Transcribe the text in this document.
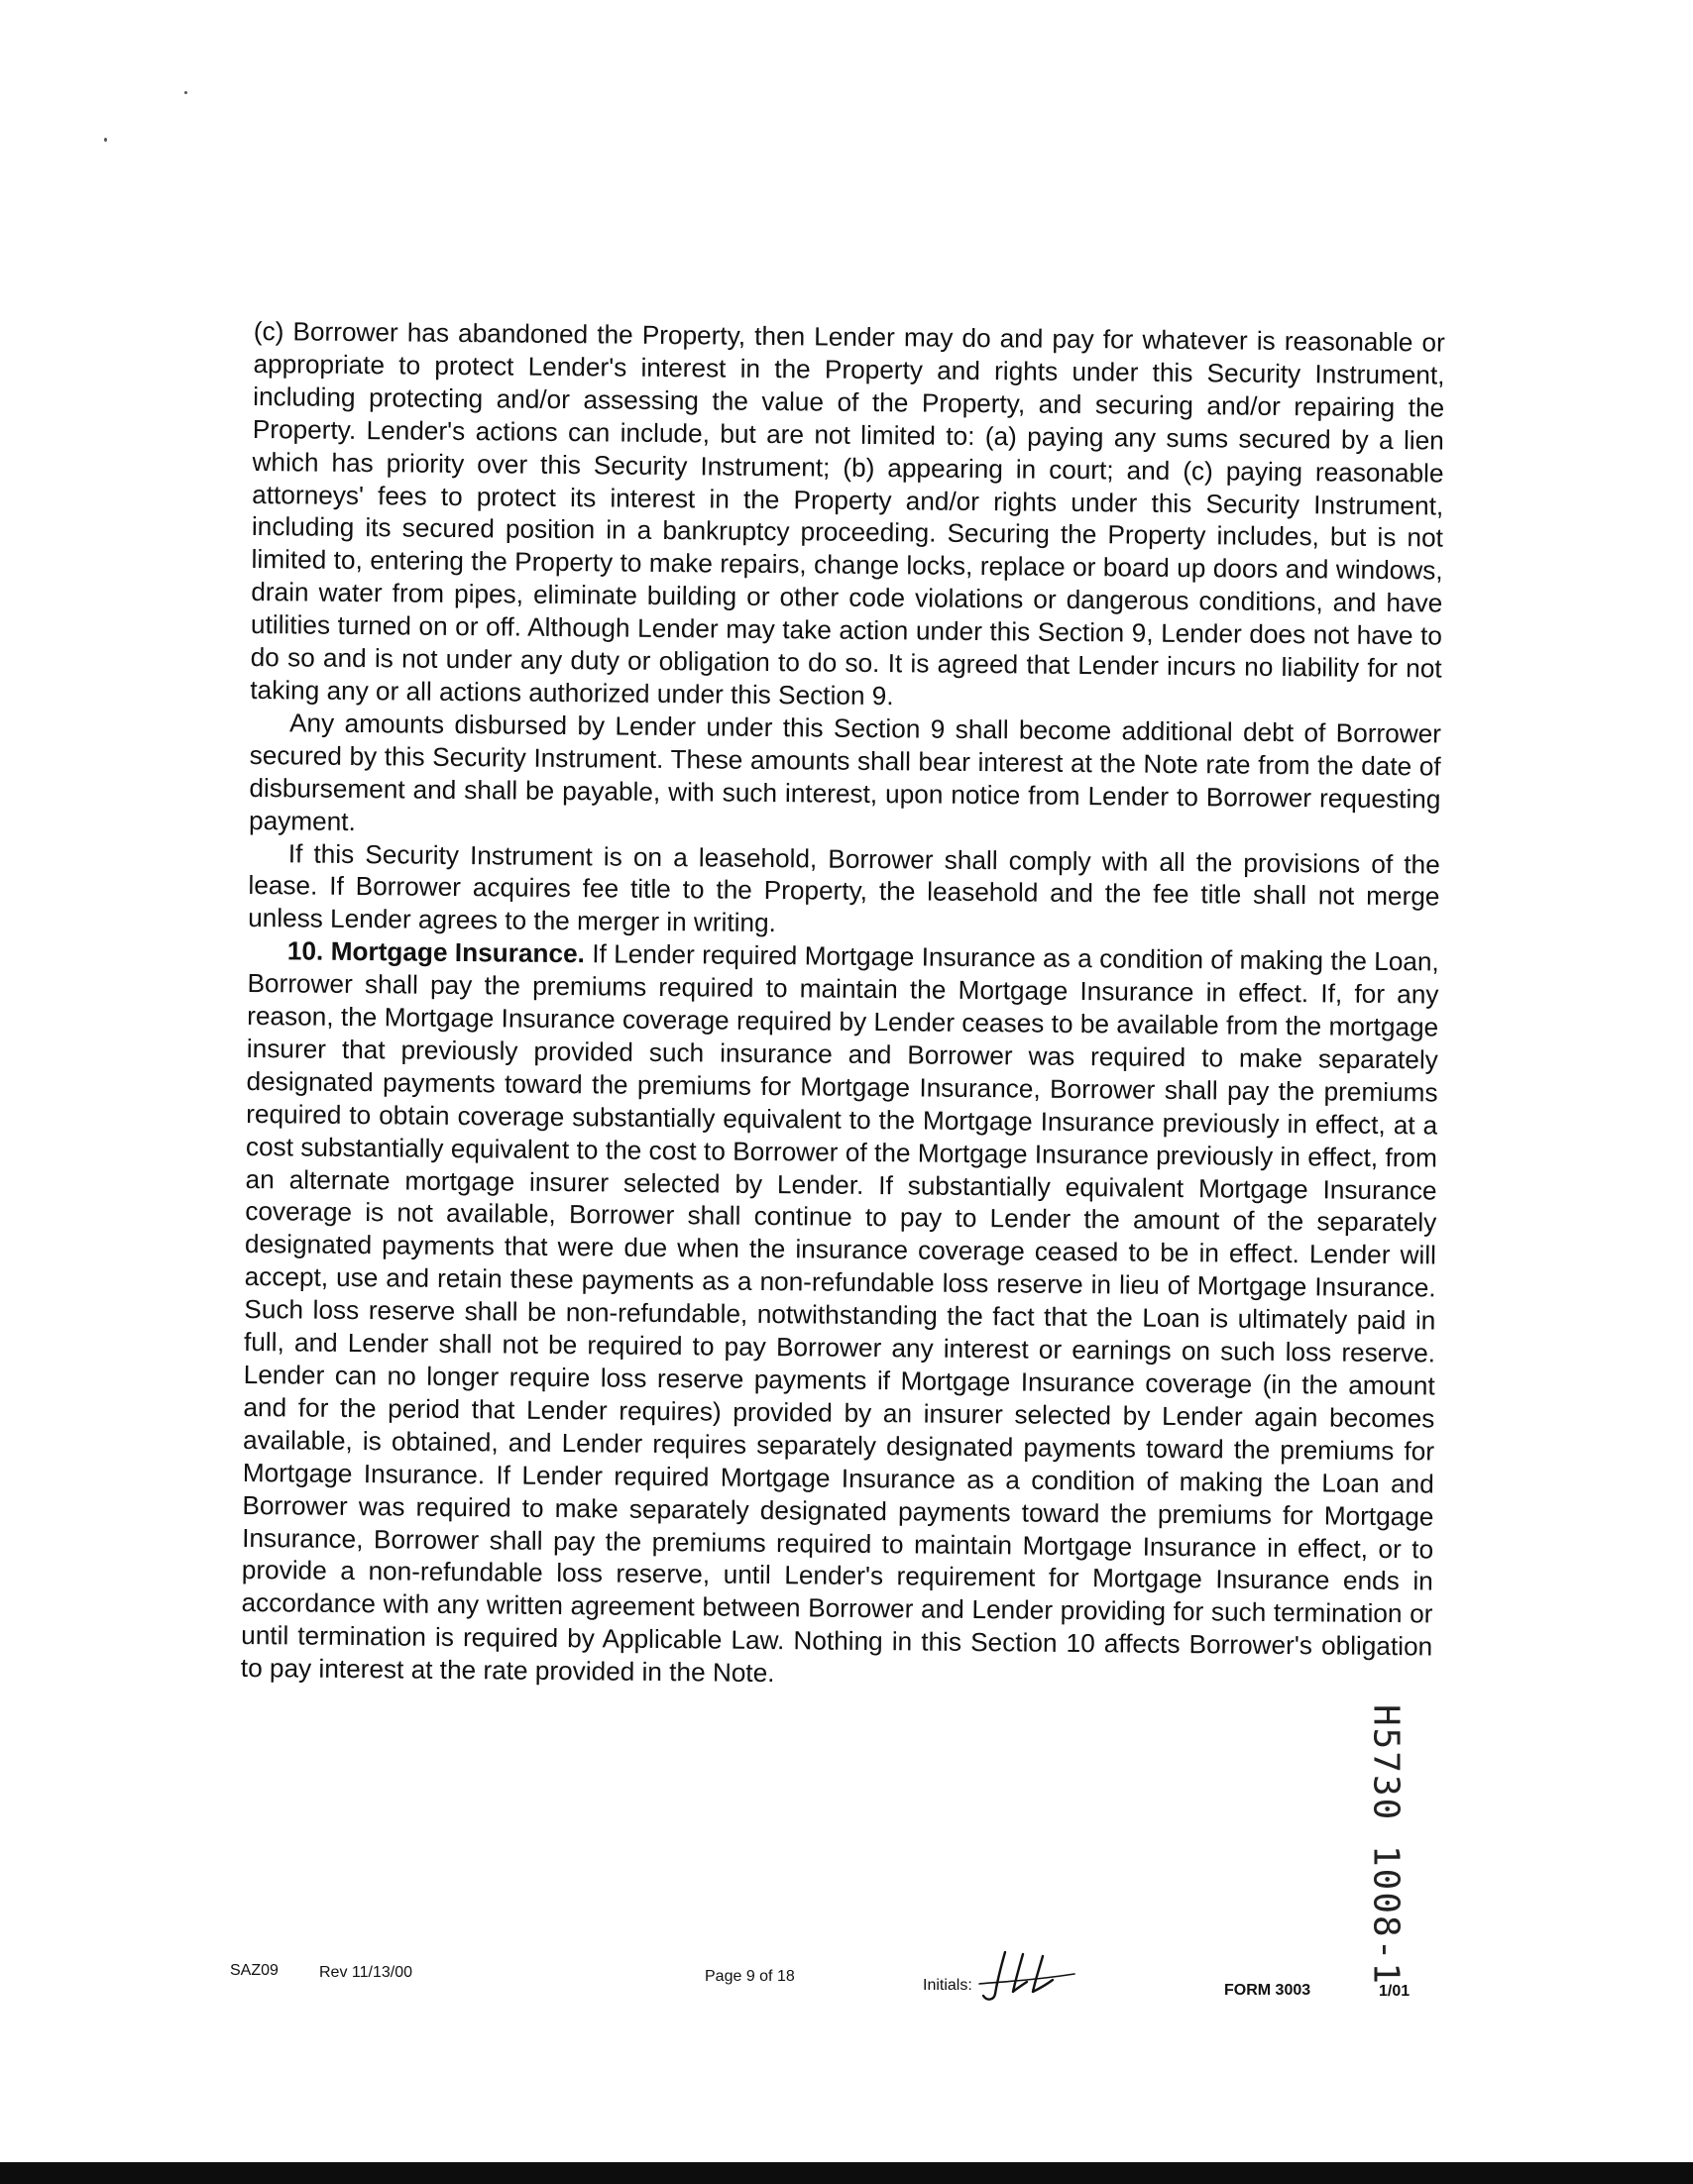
(c) Borrower has abandoned the Property, then Lender may do and pay for whatever is reasonable or appropriate to protect Lender's interest in the Property and rights under this Security Instrument, including protecting and/or assessing the value of the Property, and securing and/or repairing the Property. Lender's actions can include, but are not limited to: (a) paying any sums secured by a lien which has priority over this Security Instrument; (b) appearing in court; and (c) paying reasonable attorneys' fees to protect its interest in the Property and/or rights under this Security Instrument, including its secured position in a bankruptcy proceeding. Securing the Property includes, but is not limited to, entering the Property to make repairs, change locks, replace or board up doors and windows, drain water from pipes, eliminate building or other code violations or dangerous conditions, and have utilities turned on or off. Although Lender may take action under this Section 9, Lender does not have to do so and is not under any duty or obligation to do so. It is agreed that Lender incurs no liability for not taking any or all actions authorized under this Section 9.

Any amounts disbursed by Lender under this Section 9 shall become additional debt of Borrower secured by this Security Instrument. These amounts shall bear interest at the Note rate from the date of disbursement and shall be payable, with such interest, upon notice from Lender to Borrower requesting payment.

If this Security Instrument is on a leasehold, Borrower shall comply with all the provisions of the lease. If Borrower acquires fee title to the Property, the leasehold and the fee title shall not merge unless Lender agrees to the merger in writing.

10. Mortgage Insurance. If Lender required Mortgage Insurance as a condition of making the Loan, Borrower shall pay the premiums required to maintain the Mortgage Insurance in effect. If, for any reason, the Mortgage Insurance coverage required by Lender ceases to be available from the mortgage insurer that previously provided such insurance and Borrower was required to make separately designated payments toward the premiums for Mortgage Insurance, Borrower shall pay the premiums required to obtain coverage substantially equivalent to the Mortgage Insurance previously in effect, at a cost substantially equivalent to the cost to Borrower of the Mortgage Insurance previously in effect, from an alternate mortgage insurer selected by Lender. If substantially equivalent Mortgage Insurance coverage is not available, Borrower shall continue to pay to Lender the amount of the separately designated payments that were due when the insurance coverage ceased to be in effect. Lender will accept, use and retain these payments as a non-refundable loss reserve in lieu of Mortgage Insurance. Such loss reserve shall be non-refundable, notwithstanding the fact that the Loan is ultimately paid in full, and Lender shall not be required to pay Borrower any interest or earnings on such loss reserve. Lender can no longer require loss reserve payments if Mortgage Insurance coverage (in the amount and for the period that Lender requires) provided by an insurer selected by Lender again becomes available, is obtained, and Lender requires separately designated payments toward the premiums for Mortgage Insurance. If Lender required Mortgage Insurance as a condition of making the Loan and Borrower was required to make separately designated payments toward the premiums for Mortgage Insurance, Borrower shall pay the premiums required to maintain Mortgage Insurance in effect, or to provide a non-refundable loss reserve, until Lender's requirement for Mortgage Insurance ends in accordance with any written agreement between Borrower and Lender providing for such termination or until termination is required by Applicable Law. Nothing in this Section 10 affects Borrower's obligation to pay interest at the rate provided in the Note.

SAZ09	Rev 11/13/00	Page 9 of 18
Initials:	FORM 3003	1/01
H5730 1008-1
